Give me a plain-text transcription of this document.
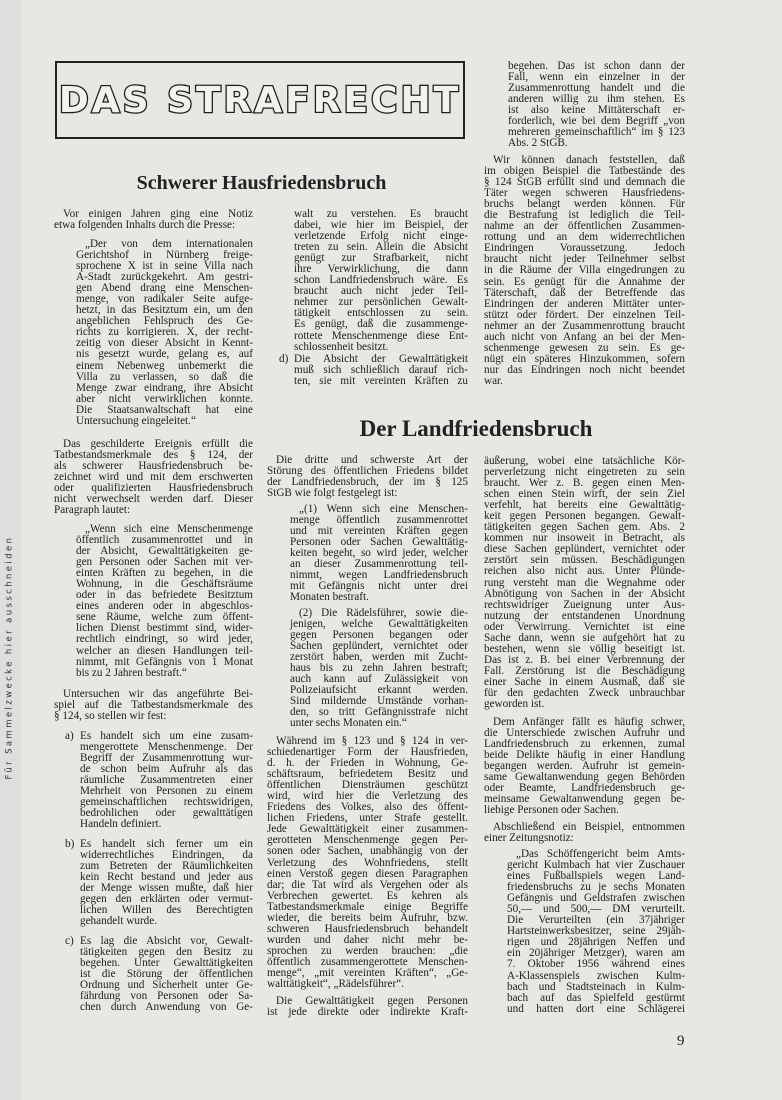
Für Sammelzwecke hier ausschneiden
DAS STRAFRECHT
Schwerer Hausfriedensbruch
Der Landfriedensbruch
Vor einigen Jahren ging eine Notiz
etwa folgenden Inhalts durch die Presse:
„Der von dem internationalen
Gerichtshof in Nürnberg freige-
sprochene X ist in seine Villa nach
A-Stadt zurückgekehrt. Am gestri-
gen Abend drang eine Menschen-
menge, von radikaler Seite aufge-
hetzt, in das Besitztum ein, um den
angeblichen Fehlspruch des Ge-
richts zu korrigieren. X, der recht-
zeitig von dieser Absicht in Kennt-
nis gesetzt wurde, gelang es, auf
einem Nebenweg unbemerkt die
Villa zu verlassen, so daß die
Menge zwar eindrang, ihre Absicht
aber nicht verwirklichen konnte.
Die Staatsanwaltschaft hat eine
Untersuchung eingeleitet.“
Das geschilderte Ereignis erfüllt die
Tatbestandsmerkmale des § 124, der
als schwerer Hausfriedensbruch be-
zeichnet wird und mit dem erschwerten
oder qualifizierten Hausfriedensbruch
nicht verwechselt werden darf. Dieser
Paragraph lautet:
„Wenn sich eine Menschenmenge
öffentlich zusammenrottet und in
der Absicht, Gewalttätigkeiten ge-
gen Personen oder Sachen mit ver-
einten Kräften zu begehen, in die
Wohnung, in die Geschäftsräume
oder in das befriedete Besitztum
eines anderen oder in abgeschlos-
sene Räume, welche zum öffent-
lichen Dienst bestimmt sind, wider-
rechtlich eindringt, so wird jeder,
welcher an diesen Handlungen teil-
nimmt, mit Gefängnis von 1 Monat
bis zu 2 Jahren bestraft.“
Untersuchen wir das angeführte Bei-
spiel auf die Tatbestandsmerkmale des
§ 124, so stellen wir fest:
a) Es handelt sich um eine zusam-
mengerottete Menschenmenge. Der
Begriff der Zusammenrottung wur-
de schon beim Aufruhr als das
räumliche Zusammentreten einer
Mehrheit von Personen zu einem
gemeinschaftlichen rechtswidrigen,
bedrohlichen oder gewalttätigen
Handeln definiert.
b) Es handelt sich ferner um ein
widerrechtliches Eindringen, da
zum Betreten der Räumlichkeiten
kein Recht bestand und jeder aus
der Menge wissen mußte, daß hier
gegen den erklärten oder vermut-
lichen Willen des Berechtigten
gehandelt wurde.
c) Es lag die Absicht vor, Gewalt-
tätigkeiten gegen den Besitz zu
begehen. Unter Gewalttätigkeiten
ist die Störung der öffentlichen
Ordnung und Sicherheit unter Ge-
fährdung von Personen oder Sa-
chen durch Anwendung von Ge-
walt zu verstehen. Es braucht
dabei, wie hier im Beispiel, der
verletzende Erfolg nicht einge-
treten zu sein. Allein die Absicht
genügt zur Strafbarkeit, nicht
ihre Verwirklichung, die dann
schon Landfriedensbruch wäre. Es
braucht auch nicht jeder Teil-
nehmer zur persönlichen Gewalt-
tätigkeit entschlossen zu sein.
Es genügt, daß die zusammenge-
rottete Menschenmenge diese Ent-
schlossenheit besitzt.
d) Die Absicht der Gewalttätigkeit
muß sich schließlich darauf rich-
ten, sie mit vereinten Kräften zu
Die dritte und schwerste Art der
Störung des öffentlichen Friedens bildet
der Landfriedensbruch, der im § 125
StGB wie folgt festgelegt ist:
„(1) Wenn sich eine Menschen-
menge öffentlich zusammenrottet
und mit vereinten Kräften gegen
Personen oder Sachen Gewalttätig-
keiten begeht, so wird jeder, welcher
an dieser Zusammenrottung teil-
nimmt, wegen Landfriedensbruch
mit Gefängnis nicht unter drei
Monaten bestraft.
(2) Die Rädelsführer, sowie die-
jenigen, welche Gewalttätigkeiten
gegen Personen begangen oder
Sachen geplündert, vernichtet oder
zerstört haben, werden mit Zucht-
haus bis zu zehn Jahren bestraft;
auch kann auf Zulässigkeit von
Polizeiaufsicht erkannt werden.
Sind mildernde Umstände vorhan-
den, so tritt Gefängnisstrafe nicht
unter sechs Monaten ein.“
Während im § 123 und § 124 in ver-
schiedenartiger Form der Hausfrieden,
d. h. der Frieden in Wohnung, Ge-
schäftsraum, befriedetem Besitz und
öffentlichen Diensträumen geschützt
wird, wird hier die Verletzung des
Friedens des Volkes, also des öffent-
lichen Friedens, unter Strafe gestellt.
Jede Gewalttätigkeit einer zusammen-
gerotteten Menschenmenge gegen Per-
sonen oder Sachen, unabhängig von der
Verletzung des Wohnfriedens, stellt
einen Verstoß gegen diesen Paragraphen
dar; die Tat wird als Vergehen oder als
Verbrechen gewertet. Es kehren als
Tatbestandsmerkmale einige Begriffe
wieder, die bereits beim Aufruhr, bzw.
schweren Hausfriedensbruch behandelt
wurden und daher nicht mehr be-
sprochen zu werden brauchen: „die
öffentlich zusammengerottete Menschen-
menge“, „mit vereinten Kräften“, „Ge-
walttätigkeit“, „Rädelsführer“.
Die Gewalttätigkeit gegen Personen
ist jede direkte oder indirekte Kraft-
begehen. Das ist schon dann der
Fall, wenn ein einzelner in der
Zusammenrottung handelt und die
anderen willig zu ihm stehen. Es
ist also keine Mittäterschaft er-
forderlich, wie bei dem Begriff „von
mehreren gemeinschaftlich“ im § 123
Abs. 2 StGB.
Wir können danach feststellen, daß
im obigen Beispiel die Tatbestände des
§ 124 StGB erfüllt sind und demnach die
Täter wegen schweren Hausfriedens-
bruchs belangt werden können. Für
die Bestrafung ist lediglich die Teil-
nahme an der öffentlichen Zusammen-
rottung und an dem widerrechtlichen
Eindringen Voraussetzung. Jedoch
braucht nicht jeder Teilnehmer selbst
in die Räume der Villa eingedrungen zu
sein. Es genügt für die Annahme der
Täterschaft, daß der Betreffende das
Eindringen der anderen Mittäter unter-
stützt oder fördert. Der einzelnen Teil-
nehmer an der Zusammenrottung braucht
auch nicht von Anfang an bei der Men-
schenmenge gewesen zu sein. Es ge-
nügt ein späteres Hinzukommen, sofern
nur das Eindringen noch nicht beendet
war.
äußerung, wobei eine tatsächliche Kör-
perverletzung nicht eingetreten zu sein
braucht. Wer z. B. gegen einen Men-
schen einen Stein wirft, der sein Ziel
verfehlt, hat bereits eine Gewalttätig-
keit gegen Personen begangen. Gewalt-
tätigkeiten gegen Sachen gem. Abs. 2
kommen nur insoweit in Betracht, als
diese Sachen geplündert, vernichtet oder
zerstört sein müssen. Beschädigungen
reichen also nicht aus. Unter Plünde-
rung versteht man die Wegnahme oder
Abnötigung von Sachen in der Absicht
rechtswidriger Zueignung unter Aus-
nutzung der entstandenen Unordnung
oder Verwirrung. Vernichtet ist eine
Sache dann, wenn sie aufgehört hat zu
bestehen, wenn sie völlig beseitigt ist.
Das ist z. B. bei einer Verbrennung der
Fall. Zerstörung ist die Beschädigung
einer Sache in einem Ausmaß, daß sie
für den gedachten Zweck unbrauchbar
geworden ist.
Dem Anfänger fällt es häufig schwer,
die Unterschiede zwischen Aufruhr und
Landfriedensbruch zu erkennen, zumal
beide Delikte häufig in einer Handlung
begangen werden. Aufruhr ist gemein-
same Gewaltanwendung gegen Behörden
oder Beamte, Landfriedensbruch ge-
meinsame Gewaltanwendung gegen be-
liebige Personen oder Sachen.
Abschließend ein Beispiel, entnommen
einer Zeitungsnotiz:
„Das Schöffengericht beim Amts-
gericht Kulmbach hat vier Zuschauer
eines Fußballspiels wegen Land-
friedensbruchs zu je sechs Monaten
Gefängnis und Geldstrafen zwischen
50,— und 500,— DM verurteilt.
Die Verurteilten (ein 37jähriger
Hartsteinwerksbesitzer, seine 29jäh-
rigen und 28jährigen Neffen und
ein 20jähriger Metzger), waren am
7. Oktober 1956 während eines
A-Klassenspiels zwischen Kulm-
bach und Stadtsteinach in Kulm-
bach auf das Spielfeld gestürmt
und hatten dort eine Schlägerei
9
